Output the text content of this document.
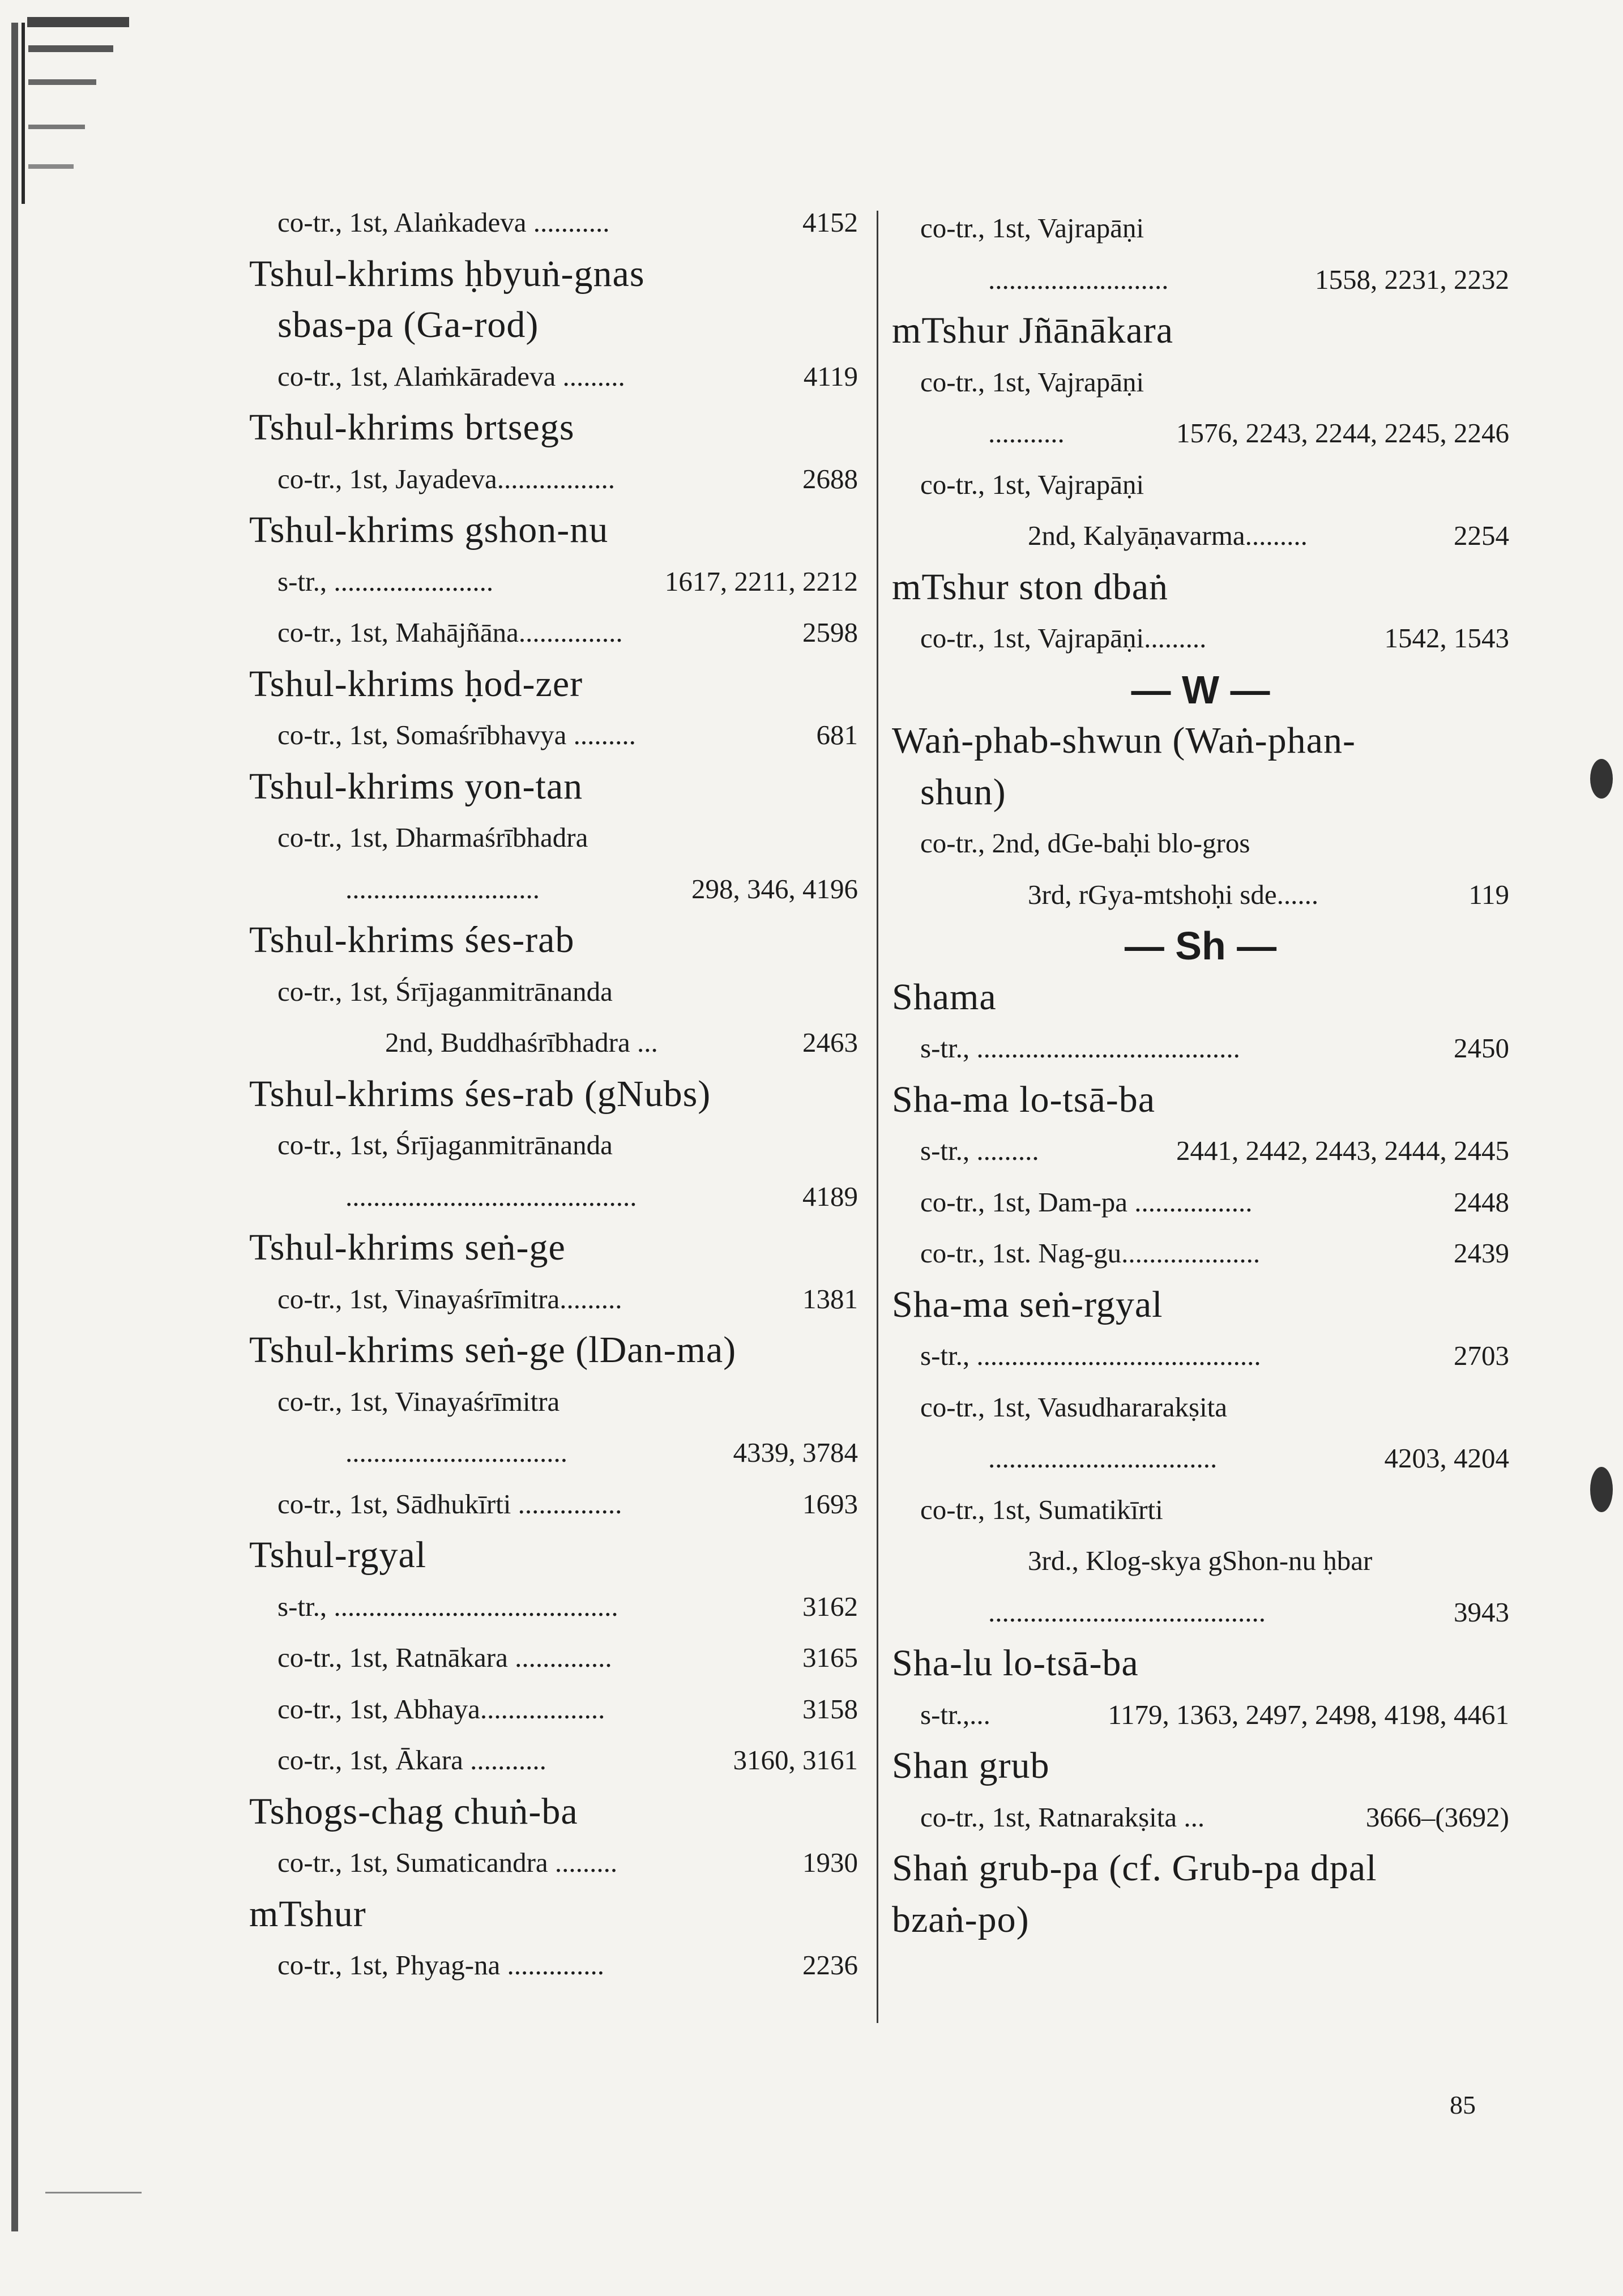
co-tr., 1st, Alaṅkadeva ...........	4152
Tshul-khrims ḥbyuṅ-gnas
sbas-pa (Ga-rod)
co-tr., 1st, Alaṁkāradeva .........	4119
Tshul-khrims brtsegs
co-tr., 1st, Jayadeva.................	2688
Tshul-khrims gshon-nu
s-tr., .......................	1617, 2211, 2212
co-tr., 1st, Mahājñāna...............	2598
Tshul-khrims ḥod-zer
co-tr., 1st, Somaśrībhavya .........	681
Tshul-khrims yon-tan
co-tr., 1st, Dharmaśrībhadra
............................	298, 346, 4196
Tshul-khrims śes-rab
co-tr., 1st, Śrījaganmitrānanda
2nd, Buddhaśrībhadra ...	2463
Tshul-khrims śes-rab (gNubs)
co-tr., 1st, Śrījaganmitrānanda
..........................................	4189
Tshul-khrims seṅ-ge
co-tr., 1st, Vinayaśrīmitra.........	1381
Tshul-khrims seṅ-ge (lDan-ma)
co-tr., 1st, Vinayaśrīmitra
................................	4339, 3784
co-tr., 1st, Sādhukīrti ...............	1693
Tshul-rgyal
s-tr., .........................................	3162
co-tr., 1st, Ratnākara ..............	3165
co-tr., 1st, Abhaya..................	3158
co-tr., 1st, Ākara ...........	3160, 3161
Tshogs-chag chuṅ-ba
co-tr., 1st, Sumaticandra .........	1930
mTshur
co-tr., 1st, Phyag-na ..............	2236
co-tr., 1st, Vajrapāṇi
..........................	1558, 2231, 2232
mTshur Jñānākara
co-tr., 1st, Vajrapāṇi
...........	1576, 2243, 2244, 2245, 2246
co-tr., 1st, Vajrapāṇi
2nd, Kalyāṇavarma.........	2254
mTshur ston dbaṅ
co-tr., 1st, Vajrapāṇi.........	1542, 1543
— W —
Waṅ-phab-shwun (Waṅ-phan-
shun)
co-tr., 2nd, dGe-baḥi blo-gros
3rd, rGya-mtshoḥi sde......	119
— Sh —
Shama
s-tr., ......................................	2450
Sha-ma lo-tsā-ba
s-tr., .........	2441, 2442, 2443, 2444, 2445
co-tr., 1st, Dam-pa .................	2448
co-tr., 1st. Nag-gu....................	2439
Sha-ma seṅ-rgyal
s-tr., .........................................	2703
co-tr., 1st, Vasudhararakṣita
.................................	4203, 4204
co-tr., 1st, Sumatikīrti
3rd., Klog-skya gShon-nu ḥbar
........................................	3943
Sha-lu lo-tsā-ba
s-tr.,...	1179, 1363, 2497, 2498, 4198, 4461
Shan grub
co-tr., 1st, Ratnarakṣita ...	3666–(3692)
Shaṅ grub-pa (cf. Grub-pa dpal
bzaṅ-po)
85
